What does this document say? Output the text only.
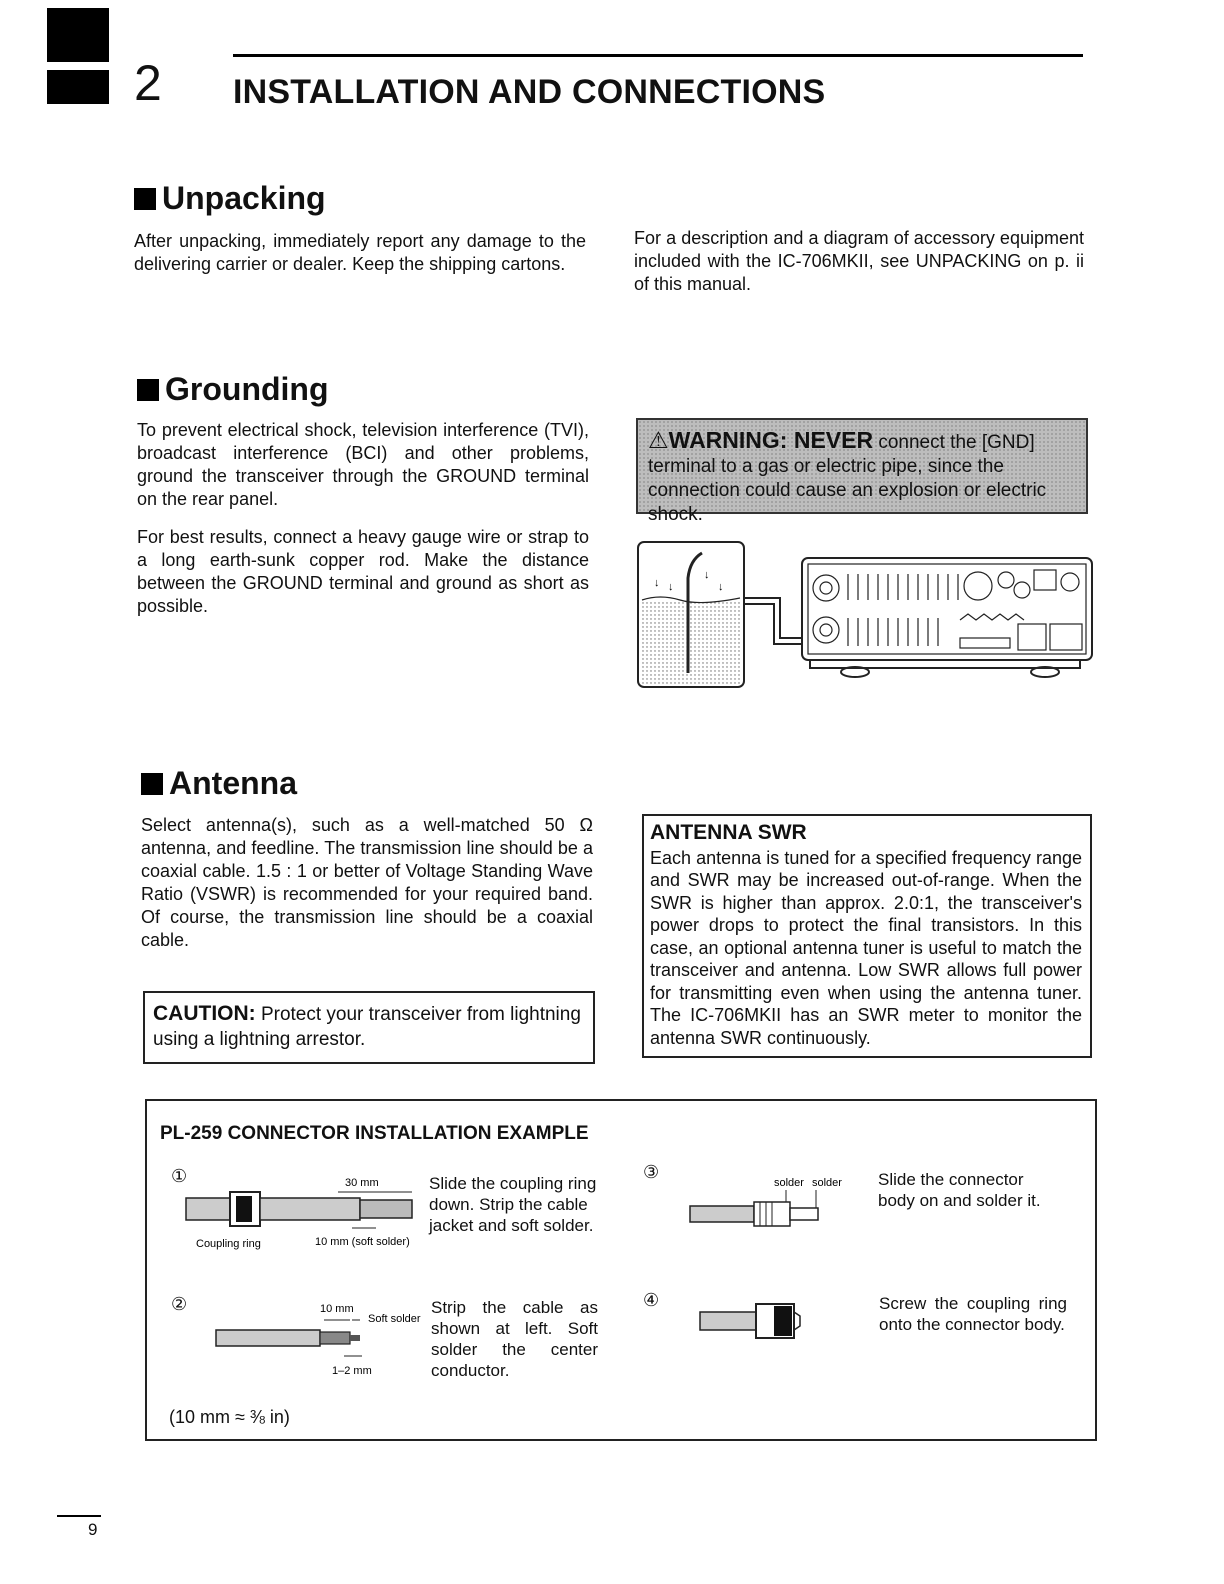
2 INSTALLATION AND CONNECTIONS
Unpacking
After unpacking, immediately report any damage to the delivering carrier or dealer. Keep the shipping cartons.
For a description and a diagram of accessory equipment included with the IC-706MKII, see UNPACKING on p. ii of this manual.
Grounding
To prevent electrical shock, television interference (TVI), broadcast interference (BCI) and other problems, ground the transceiver through the GROUND terminal on the rear panel.
For best results, connect a heavy gauge wire or strap to a long earth-sunk copper rod. Make the distance between the GROUND terminal and ground as short as possible.
⚠WARNING: NEVER connect the [GND] terminal to a gas or electric pipe, since the connection could cause an explosion or electric shock.
↓ ↓
↓
↓
Antenna
Select antenna(s), such as a well-matched 50 Ω antenna, and feedline. The transmission line should be a coaxial cable. 1.5 : 1 or better of Voltage Standing Wave Ratio (VSWR) is recommended for your required band. Of course, the transmission line should be a coaxial cable.
CAUTION: Protect your transceiver from lightning using a lightning arrestor.
ANTENNA SWR
Each antenna is tuned for a specified frequency range and SWR may be increased out-of-range. When the SWR is higher than approx. 2.0:1, the transceiver's power drops to protect the final transistors. In this case, an optional antenna tuner is useful to match the transceiver and antenna. Low SWR allows full power for transmitting even when using the antenna tuner. The IC-706MKII has an SWR meter to monitor the antenna SWR continuously.
PL-259 CONNECTOR INSTALLATION EXAMPLE
①	30 mm
Coupling ring	10 mm (soft solder)
Slide the coupling ring down. Strip the cable jacket and soft solder.
②	10 mm
Soft solder
1–2 mm
Strip the cable as shown at left. Soft solder the center conductor.
③
solder solder Slide the connector body on and solder it.
④	Screw the coupling ring onto the connector body.
(10 mm ≈ ⅜ in)
9
